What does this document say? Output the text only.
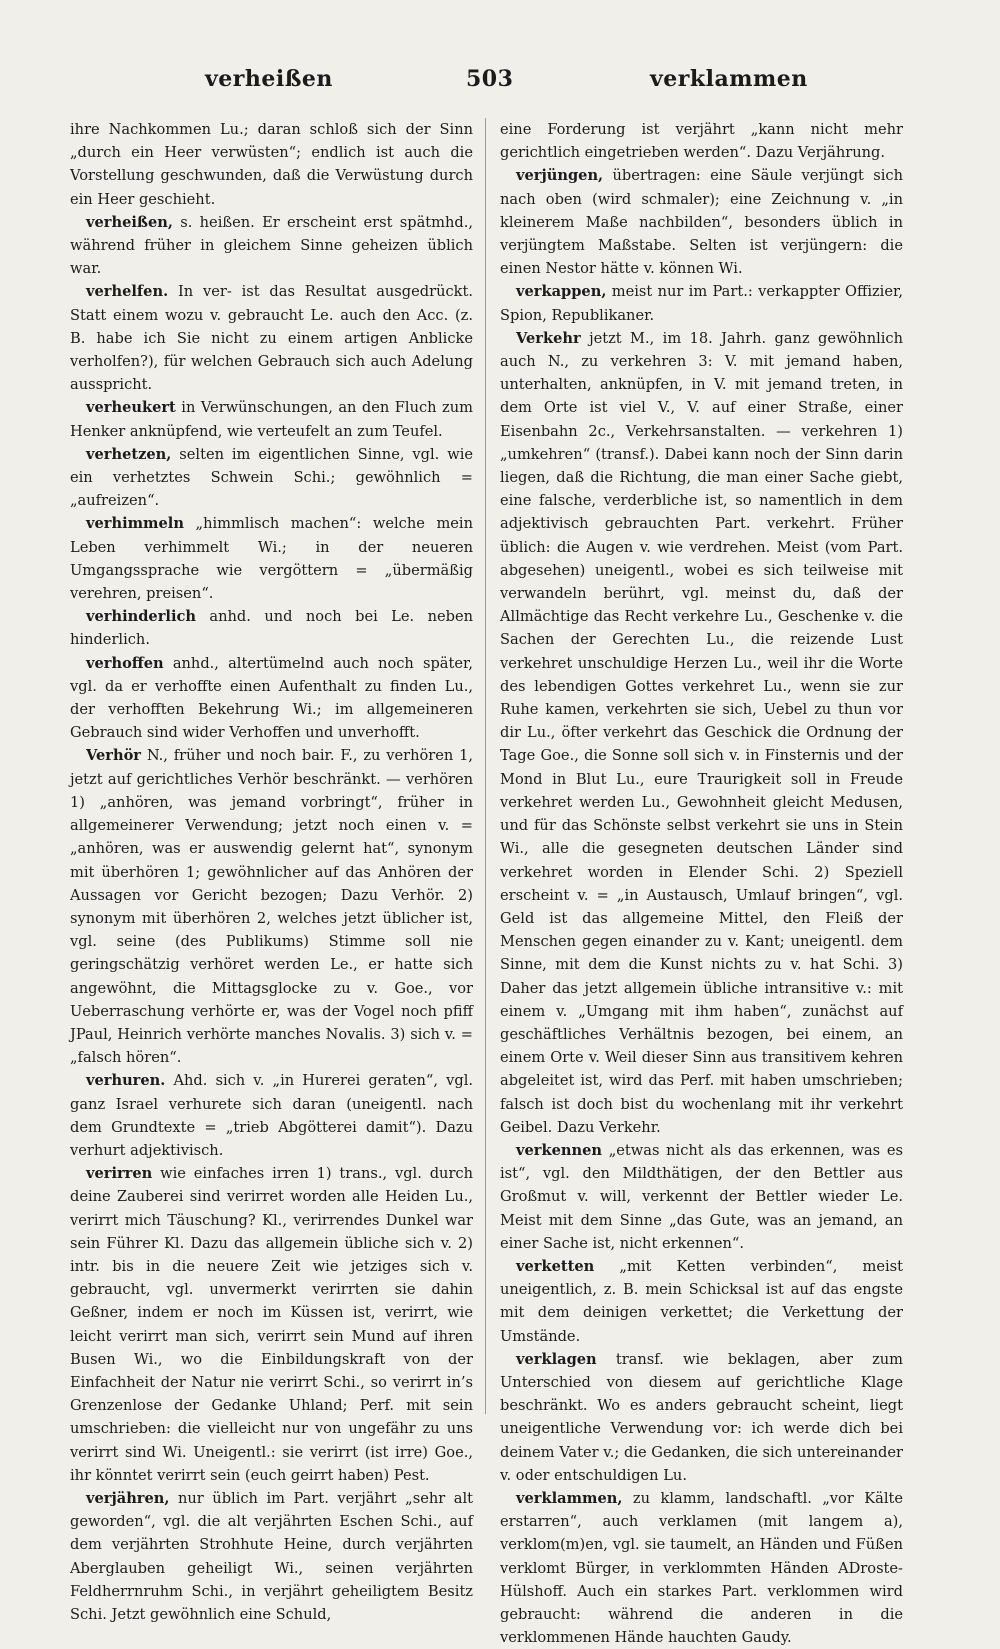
verheißen	503	verklammen

ihre Nachkommen Lu.; daran schloß sich der Sinn „durch ein Heer verwüsten“; endlich ist auch die Vorstellung geschwunden, daß die Verwüstung durch ein Heer geschieht.

verheißen, s. heißen. Er erscheint erst spätmhd., während früher in gleichem Sinne geheizen üblich war.

verhelfen. In ver- ist das Resultat ausgedrückt. Statt einem wozu v. gebraucht Le. auch den Acc. (z. B. habe ich Sie nicht zu einem artigen Anblicke verholfen?), für welchen Gebrauch sich auch Adelung ausspricht.

verheukert in Verwünschungen, an den Fluch zum Henker anknüpfend, wie verteufelt an zum Teufel.

verhetzen, selten im eigentlichen Sinne, vgl. wie ein verhetztes Schwein Schi.; gewöhnlich = „aufreizen“.

verhimmeln „himmlisch machen“: welche mein Leben verhimmelt Wi.; in der neueren Umgangssprache wie vergöttern = „übermäßig verehren, preisen“.

verhinderlich anhd. und noch bei Le. neben hinderlich.

verhoffen anhd., altertümelnd auch noch später, vgl. da er verhoffte einen Aufenthalt zu finden Lu., der verhofften Bekehrung Wi.; im allgemeineren Gebrauch sind wider Verhoffen und unverhofft.

Verhör N., früher und noch bair. F., zu verhören 1, jetzt auf gerichtliches Verhör beschränkt. — verhören 1) „anhören, was jemand vorbringt“, früher in allgemeinerer Verwendung; jetzt noch einen v. = „anhören, was er auswendig gelernt hat“, synonym mit überhören 1; gewöhnlicher auf das Anhören der Aussagen vor Gericht bezogen; Dazu Verhör. 2) synonym mit überhören 2, welches jetzt üblicher ist, vgl. seine (des Publikums) Stimme soll nie geringschätzig verhöret werden Le., er hatte sich angewöhnt, die Mittagsglocke zu v. Goe., vor Ueberraschung verhörte er, was der Vogel noch pfiff JPaul, Heinrich verhörte manches Novalis. 3) sich v. = „falsch hören“.

verhuren. Ahd. sich v. „in Hurerei geraten“, vgl. ganz Israel verhurete sich daran (uneigentl. nach dem Grundtexte = „trieb Abgötterei damit“). Dazu verhurt adjektivisch.

verirren wie einfaches irren 1) trans., vgl. durch deine Zauberei sind verirret worden alle Heiden Lu., verirrt mich Täuschung? Kl., verirrendes Dunkel war sein Führer Kl. Dazu das allgemein übliche sich v. 2) intr. bis in die neuere Zeit wie jetziges sich v. gebraucht, vgl. unvermerkt verirrten sie dahin Geßner, indem er noch im Küssen ist, verirrt, wie leicht verirrt man sich, verirrt sein Mund auf ihren Busen Wi., wo die Einbildungskraft von der Einfachheit der Natur nie verirrt Schi., so verirrt in’s Grenzenlose der Gedanke Uhland; Perf. mit sein umschrieben: die vielleicht nur von ungefähr zu uns verirrt sind Wi. Uneigentl.: sie verirrt (ist irre) Goe., ihr könntet verirrt sein (euch geirrt haben) Pest.

verjähren, nur üblich im Part. verjährt „sehr alt geworden“, vgl. die alt verjährten Eschen Schi., auf dem verjährten Strohhute Heine, durch verjährten Aberglauben geheiligt Wi., seinen verjährten Feldherrnruhm Schi., in verjährt geheiligtem Besitz Schi. Jetzt gewöhnlich eine Schuld,

eine Forderung ist verjährt „kann nicht mehr gerichtlich eingetrieben werden“. Dazu Verjährung.

verjüngen, übertragen: eine Säule verjüngt sich nach oben (wird schmaler); eine Zeichnung v. „in kleinerem Maße nachbilden“, besonders üblich in verjüngtem Maßstabe. Selten ist verjüngern: die einen Nestor hätte v. können Wi.

verkappen, meist nur im Part.: verkappter Offizier, Spion, Republikaner.

Verkehr jetzt M., im 18. Jahrh. ganz gewöhnlich auch N., zu verkehren 3: V. mit jemand haben, unterhalten, anknüpfen, in V. mit jemand treten, in dem Orte ist viel V., V. auf einer Straße, einer Eisenbahn 2c., Verkehrsanstalten. — verkehren 1) „umkehren“ (transf.). Dabei kann noch der Sinn darin liegen, daß die Richtung, die man einer Sache giebt, eine falsche, verderbliche ist, so namentlich in dem adjektivisch gebrauchten Part. verkehrt. Früher üblich: die Augen v. wie verdrehen. Meist (vom Part. abgesehen) uneigentl., wobei es sich teilweise mit verwandeln berührt, vgl. meinst du, daß der Allmächtige das Recht verkehre Lu., Geschenke v. die Sachen der Gerechten Lu., die reizende Lust verkehret unschuldige Herzen Lu., weil ihr die Worte des lebendigen Gottes verkehret Lu., wenn sie zur Ruhe kamen, verkehrten sie sich, Uebel zu thun vor dir Lu., öfter verkehrt das Geschick die Ordnung der Tage Goe., die Sonne soll sich v. in Finsternis und der Mond in Blut Lu., eure Traurigkeit soll in Freude verkehret werden Lu., Gewohnheit gleicht Medusen, und für das Schönste selbst verkehrt sie uns in Stein Wi., alle die gesegneten deutschen Länder sind verkehret worden in Elender Schi. 2) Speziell erscheint v. = „in Austausch, Umlauf bringen“, vgl. Geld ist das allgemeine Mittel, den Fleiß der Menschen gegen einander zu v. Kant; uneigentl. dem Sinne, mit dem die Kunst nichts zu v. hat Schi. 3) Daher das jetzt allgemein übliche intransitive v.: mit einem v. „Umgang mit ihm haben“, zunächst auf geschäftliches Verhältnis bezogen, bei einem, an einem Orte v. Weil dieser Sinn aus transitivem kehren abgeleitet ist, wird das Perf. mit haben umschrieben; falsch ist doch bist du wochenlang mit ihr verkehrt Geibel. Dazu Verkehr.

verkennen „etwas nicht als das erkennen, was es ist“, vgl. den Mildthätigen, der den Bettler aus Großmut v. will, verkennt der Bettler wieder Le. Meist mit dem Sinne „das Gute, was an jemand, an einer Sache ist, nicht erkennen“.

verketten „mit Ketten verbinden“, meist uneigentlich, z. B. mein Schicksal ist auf das engste mit dem deinigen verkettet; die Verkettung der Umstände.

verklagen transf. wie beklagen, aber zum Unterschied von diesem auf gerichtliche Klage beschränkt. Wo es anders gebraucht scheint, liegt uneigentliche Verwendung vor: ich werde dich bei deinem Vater v.; die Gedanken, die sich untereinander v. oder entschuldigen Lu.

verklammen, zu klamm, landschaftl. „vor Kälte erstarren“, auch verklamen (mit langem a), verklom(m)en, vgl. sie taumelt, an Händen und Füßen verklomt Bürger, in verklommten Händen ADroste-Hülshoff. Auch ein starkes Part. verklommen wird gebraucht: während die anderen in die verklommenen Hände hauchten Gaudy.
